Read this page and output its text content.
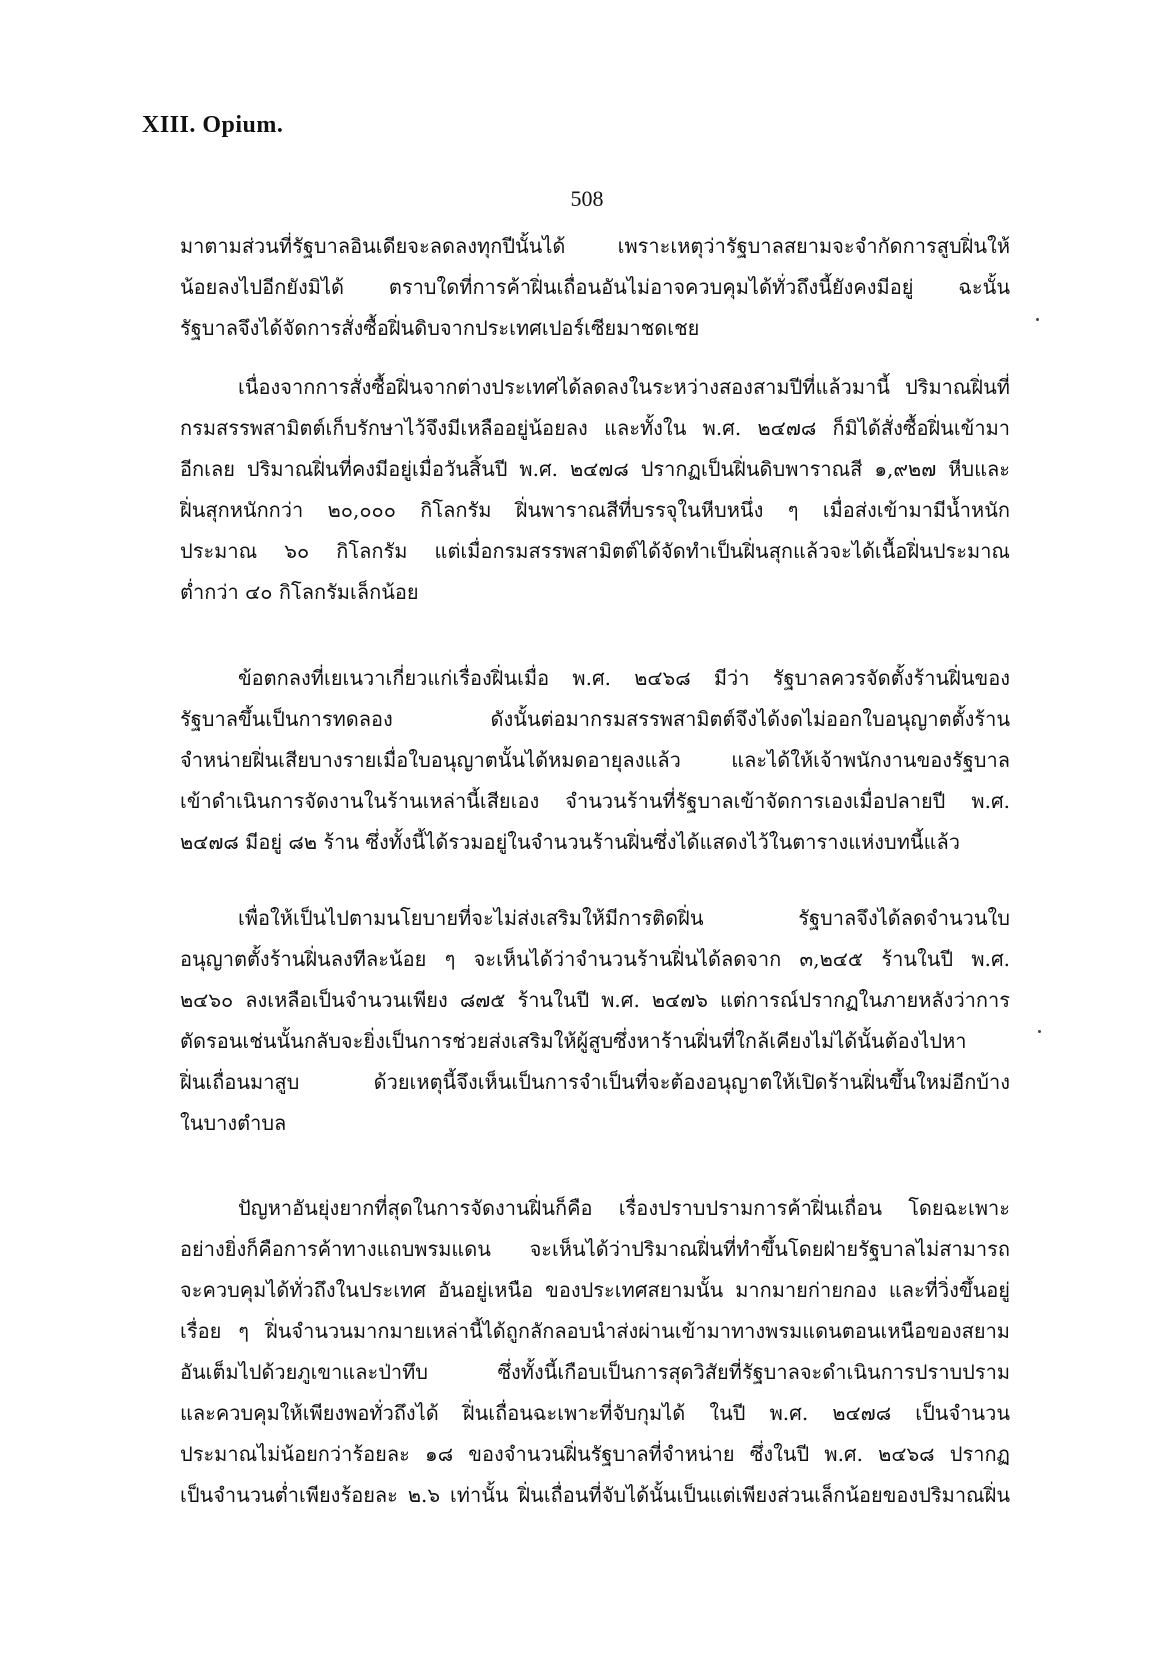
XIII. Opium.
508
มาตามส่วนที่รัฐบาลอินเดียจะลดลงทุกปีนั้นได้ เพราะเหตุว่ารัฐบาลสยามจะจำกัดการสูบฝิ่นให้
น้อยลงไปอีกยังมิได้ ตราบใดที่การค้าฝิ่นเถื่อนอันไม่อาจควบคุมได้ทั่วถึงนี้ยังคงมีอยู่ ฉะนั้น
รัฐบาลจึงได้จัดการสั่งซื้อฝิ่นดิบจากประเทศเปอร์เซียมาชดเชย
เนื่องจากการสั่งซื้อฝิ่นจากต่างประเทศได้ลดลงในระหว่างสองสามปีที่แล้วมานี้ ปริมาณฝิ่นที่
กรมสรรพสามิตต์เก็บรักษาไว้จึงมีเหลืออยู่น้อยลง และทั้งใน พ.ศ. ๒๔๗๘ ก็มิได้สั่งซื้อฝิ่นเข้ามา
อีกเลย ปริมาณฝิ่นที่คงมีอยู่เมื่อวันสิ้นปี พ.ศ. ๒๔๗๘ ปรากฏเป็นฝิ่นดิบพาราณสี ๑,๙๒๗ หีบและ
ฝิ่นสุกหนักกว่า ๒๐,๐๐๐ กิโลกรัม ฝิ่นพาราณสีที่บรรจุในหีบหนึ่ง ๆ เมื่อส่งเข้ามามีน้ำหนัก
ประมาณ ๖๐ กิโลกรัม แต่เมื่อกรมสรรพสามิตต์ได้จัดทำเป็นฝิ่นสุกแล้วจะได้เนื้อฝิ่นประมาณ
ต่ำกว่า ๔๐ กิโลกรัมเล็กน้อย
ข้อตกลงที่เยเนวาเกี่ยวแก่เรื่องฝิ่นเมื่อ พ.ศ. ๒๔๖๘ มีว่า รัฐบาลควรจัดตั้งร้านฝิ่นของ
รัฐบาลขึ้นเป็นการทดลอง ดังนั้นต่อมากรมสรรพสามิตต์จึงได้งดไม่ออกใบอนุญาตตั้งร้าน
จำหน่ายฝิ่นเสียบางรายเมื่อใบอนุญาตนั้นได้หมดอายุลงแล้ว และได้ให้เจ้าพนักงานของรัฐบาล
เข้าดำเนินการจัดงานในร้านเหล่านี้เสียเอง จำนวนร้านที่รัฐบาลเข้าจัดการเองเมื่อปลายปี พ.ศ.
๒๔๗๘ มีอยู่ ๘๒ ร้าน ซึ่งทั้งนี้ได้รวมอยู่ในจำนวนร้านฝิ่นซึ่งได้แสดงไว้ในตารางแห่งบทนี้แล้ว
เพื่อให้เป็นไปตามนโยบายที่จะไม่ส่งเสริมให้มีการติดฝิ่น รัฐบาลจึงได้ลดจำนวนใบ
อนุญาตตั้งร้านฝิ่นลงทีละน้อย ๆ จะเห็นได้ว่าจำนวนร้านฝิ่นได้ลดจาก ๓,๒๔๕ ร้านในปี พ.ศ.
๒๔๖๐ ลงเหลือเป็นจำนวนเพียง ๘๗๕ ร้านในปี พ.ศ. ๒๔๗๖ แต่การณ์ปรากฏในภายหลังว่าการ
ตัดรอนเช่นนั้นกลับจะยิ่งเป็นการช่วยส่งเสริมให้ผู้สูบซึ่งหาร้านฝิ่นที่ใกล้เคียงไม่ได้นั้นต้องไปหา
ฝิ่นเถื่อนมาสูบ ด้วยเหตุนี้จึงเห็นเป็นการจำเป็นที่จะต้องอนุญาตให้เปิดร้านฝิ่นขึ้นใหม่อีกบ้าง
ในบางตำบล
ปัญหาอันยุ่งยากที่สุดในการจัดงานฝิ่นก็คือ เรื่องปราบปรามการค้าฝิ่นเถื่อน โดยฉะเพาะ
อย่างยิ่งก็คือการค้าทางแถบพรมแดน จะเห็นได้ว่าปริมาณฝิ่นที่ทำขึ้นโดยฝ่ายรัฐบาลไม่สามารถ
จะควบคุมได้ทั่วถึงในประเทศ อันอยู่เหนือ ของประเทศสยามนั้น มากมายก่ายกอง และที่วิ่งขึ้นอยู่
เรื่อย ๆ ฝิ่นจำนวนมากมายเหล่านี้ได้ถูกลักลอบนำส่งผ่านเข้ามาทางพรมแดนตอนเหนือของสยาม
อันเต็มไปด้วยภูเขาและป่าทึบ ซึ่งทั้งนี้เกือบเป็นการสุดวิสัยที่รัฐบาลจะดำเนินการปราบปราม
และควบคุมให้เพียงพอทั่วถึงได้ ฝิ่นเถื่อนฉะเพาะที่จับกุมได้ ในปี พ.ศ. ๒๔๗๘ เป็นจำนวน
ประมาณไม่น้อยกว่าร้อยละ ๑๘ ของจำนวนฝิ่นรัฐบาลที่จำหน่าย ซึ่งในปี พ.ศ. ๒๔๖๘ ปรากฏ
เป็นจำนวนต่ำเพียงร้อยละ ๒.๖ เท่านั้น ฝิ่นเถื่อนที่จับได้นั้นเป็นแต่เพียงส่วนเล็กน้อยของปริมาณฝิ่น
